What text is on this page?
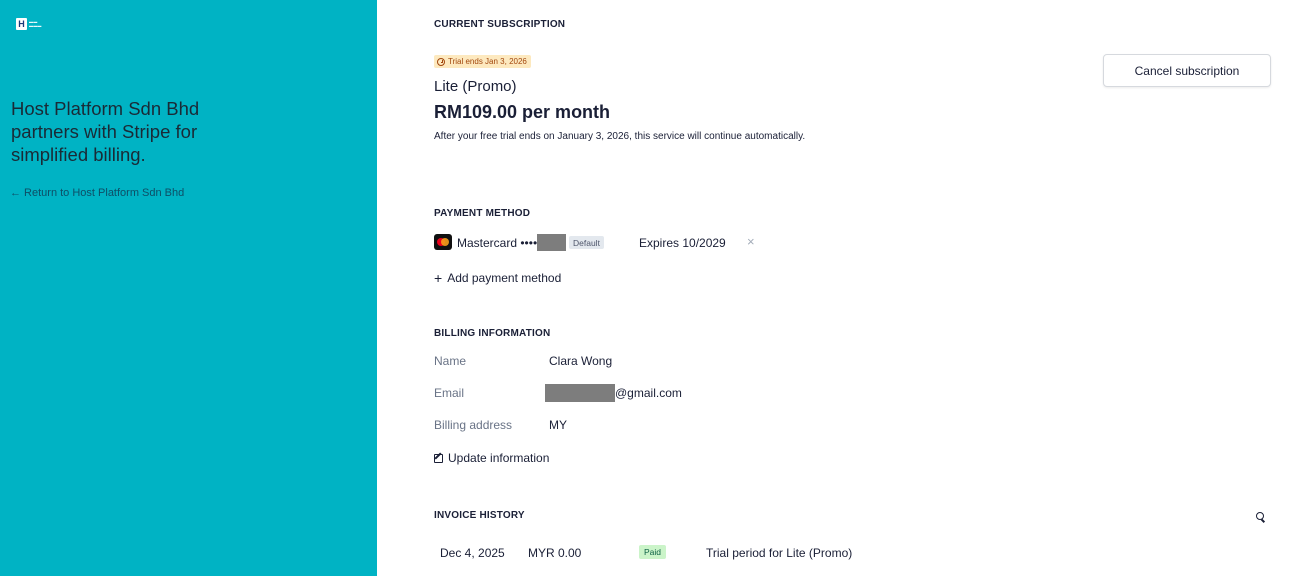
H	▬▬
▬▬▬
Host Platform Sdn Bhd partners with Stripe for simplified billing.
← Return to Host Platform Sdn Bhd
CURRENT SUBSCRIPTION
Trial ends Jan 3, 2026
Lite (Promo)
RM109.00 per month
After your free trial ends on January 3, 2026, this service will continue automatically.
Cancel subscription
PAYMENT METHOD
Mastercard ••••	Default	Expires 10/2029 ×
+ Add payment method
BILLING INFORMATION
Name	Clara Wong
Email	@gmail.com
Billing address	MY
Update information
INVOICE HISTORY
Dec 4, 2025 MYR 0.00	Paid	Trial period for Lite (Promo)
